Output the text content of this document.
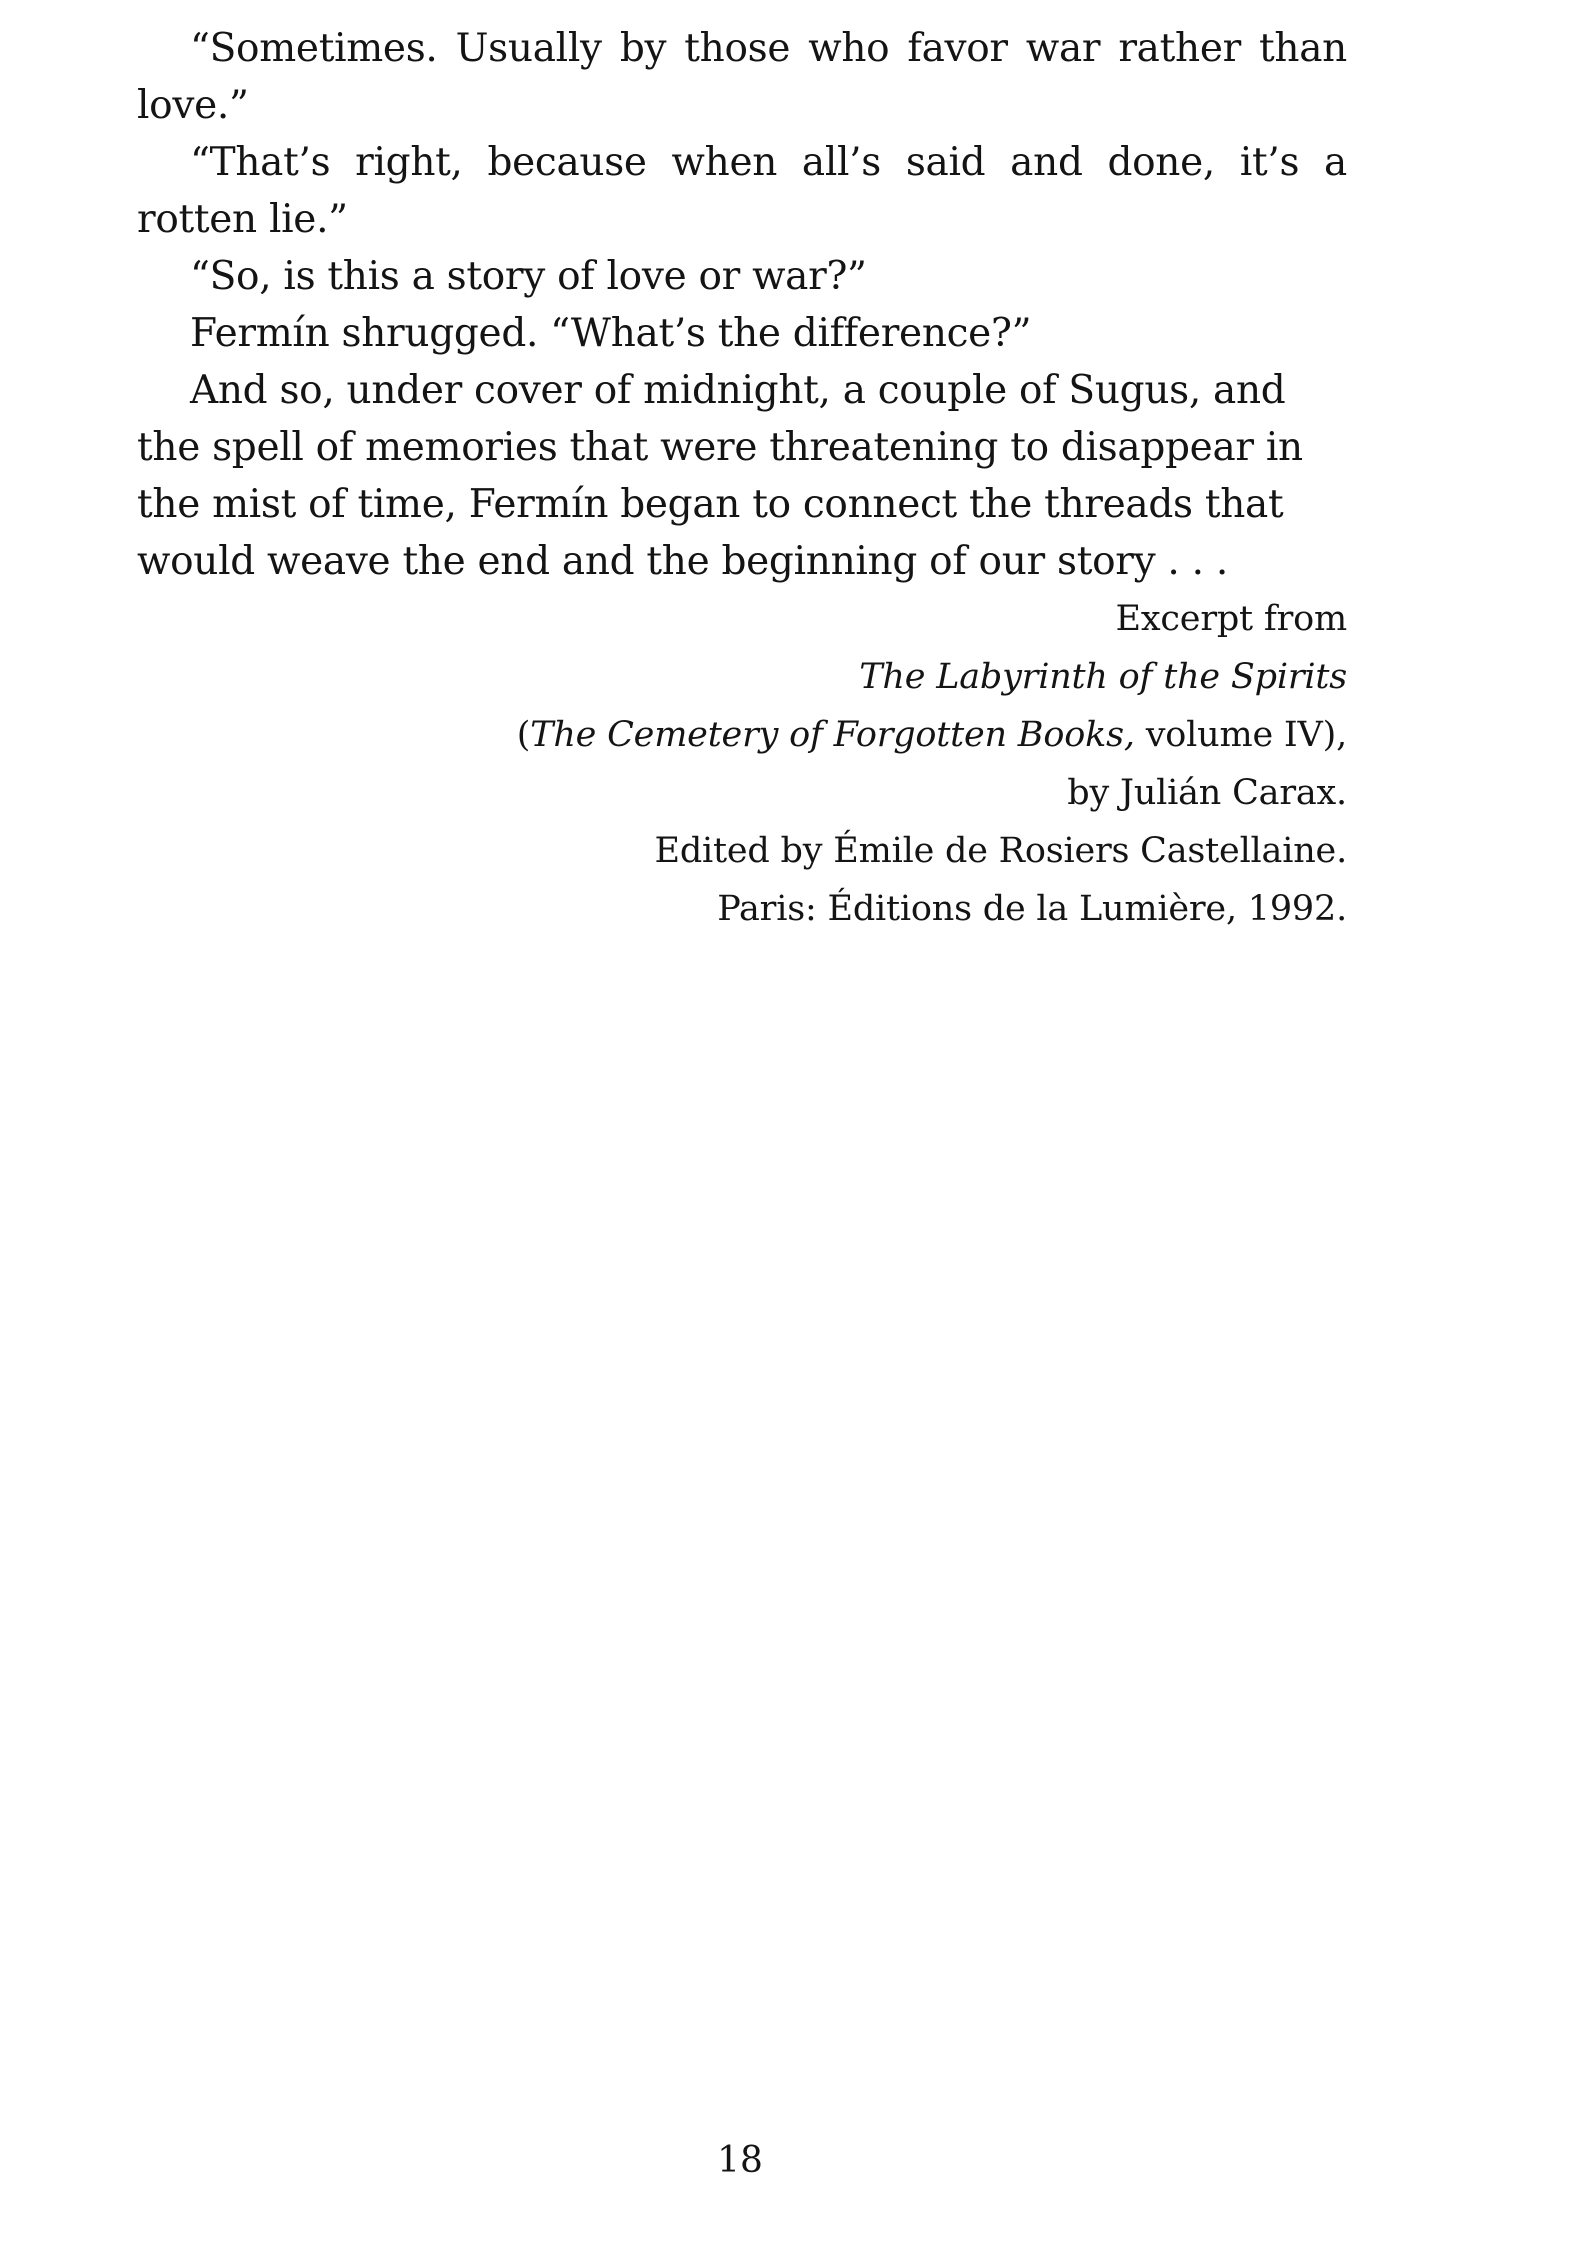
“Sometimes. Usually by those who favor war rather than love.”

“That’s right, because when all’s said and done, it’s a rotten lie.”

“So, is this a story of love or war?”

Fermín shrugged. “What’s the difference?”

And so, under cover of midnight, a couple of Sugus, and the spell of memories that were threatening to disappear in the mist of time, Fermín began to connect the threads that would weave the end and the beginning of our story . . .

Excerpt from
The Labyrinth of the Spirits
(The Cemetery of Forgotten Books, volume IV),
by Julián Carax.
Edited by Émile de Rosiers Castellaine.
Paris: Éditions de la Lumière, 1992.
18
